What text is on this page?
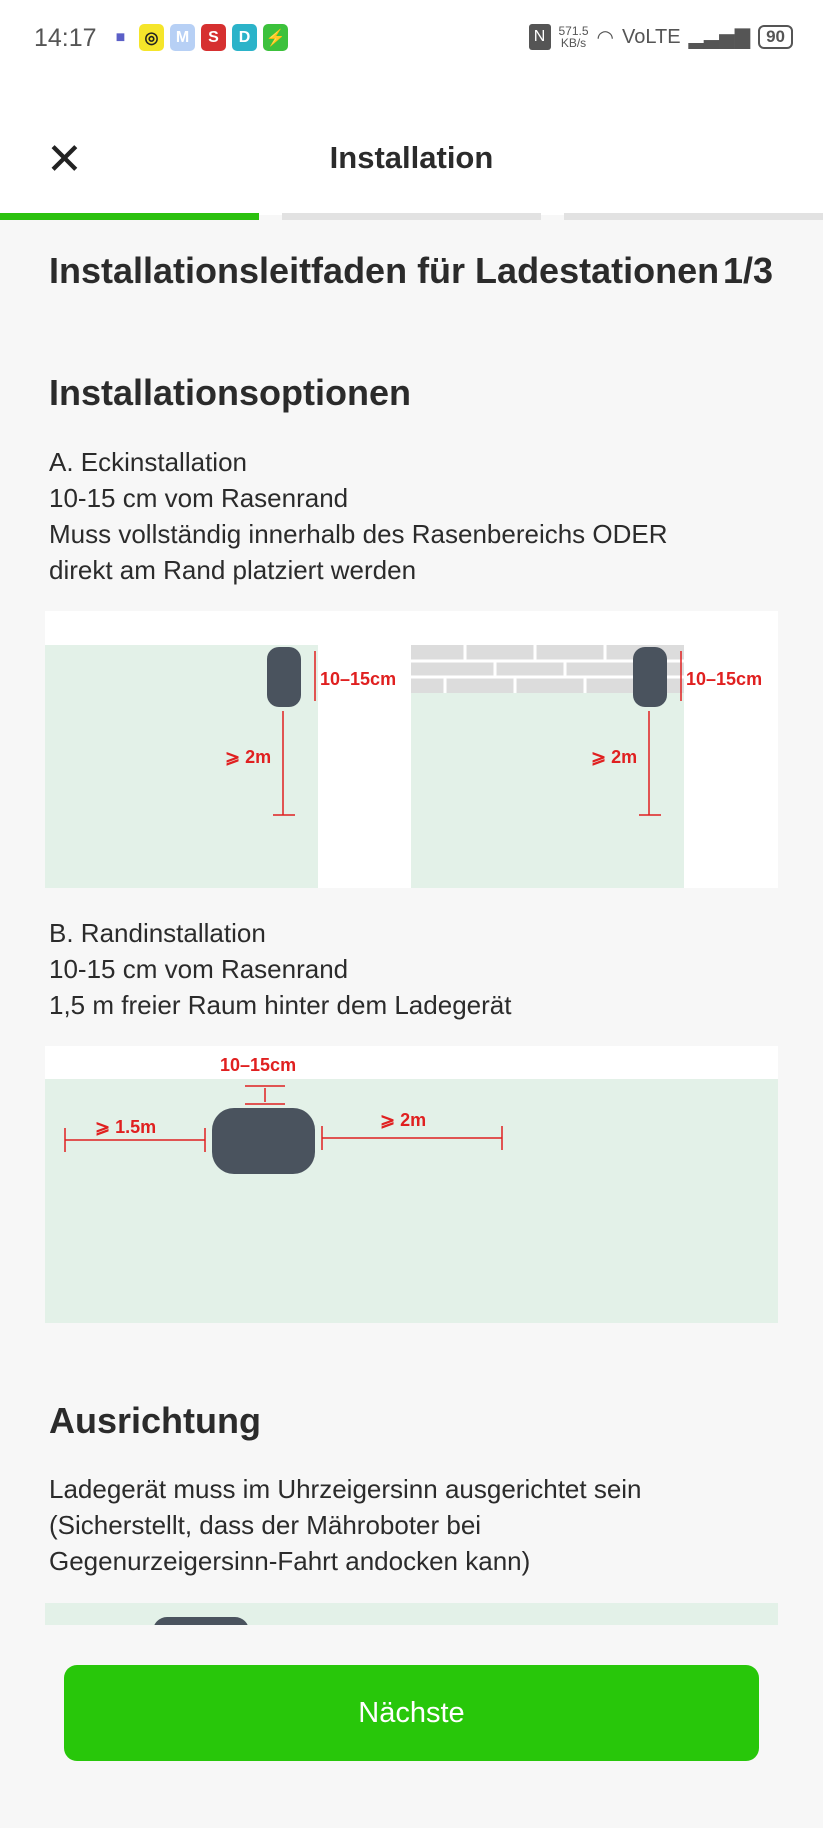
14:17	■	◎	M	S	D ⚡	N	571.5
KB/s ◠ VoLTE ▂▃▅▇ 90
✕	Installation
Installationsleitfaden für Ladestationen 1/3
Installationsoptionen
A. Eckinstallation
10-15 cm vom Rasenrand
Muss vollständig innerhalb des Rasenbereichs ODER
direkt am Rand platziert werden
10–15cm
⩾ 2m
10–15cm
⩾ 2m
B. Randinstallation
10-15 cm vom Rasenrand
1,5 m freier Raum hinter dem Ladegerät
10–15cm
⩾ 1.5m	⩾ 2m
Ausrichtung
Ladegerät muss im Uhrzeigersinn ausgerichtet sein
(Sicherstellt, dass der Mähroboter bei
Gegenurzeigersinn-Fahrt andocken kann)
Nächste
